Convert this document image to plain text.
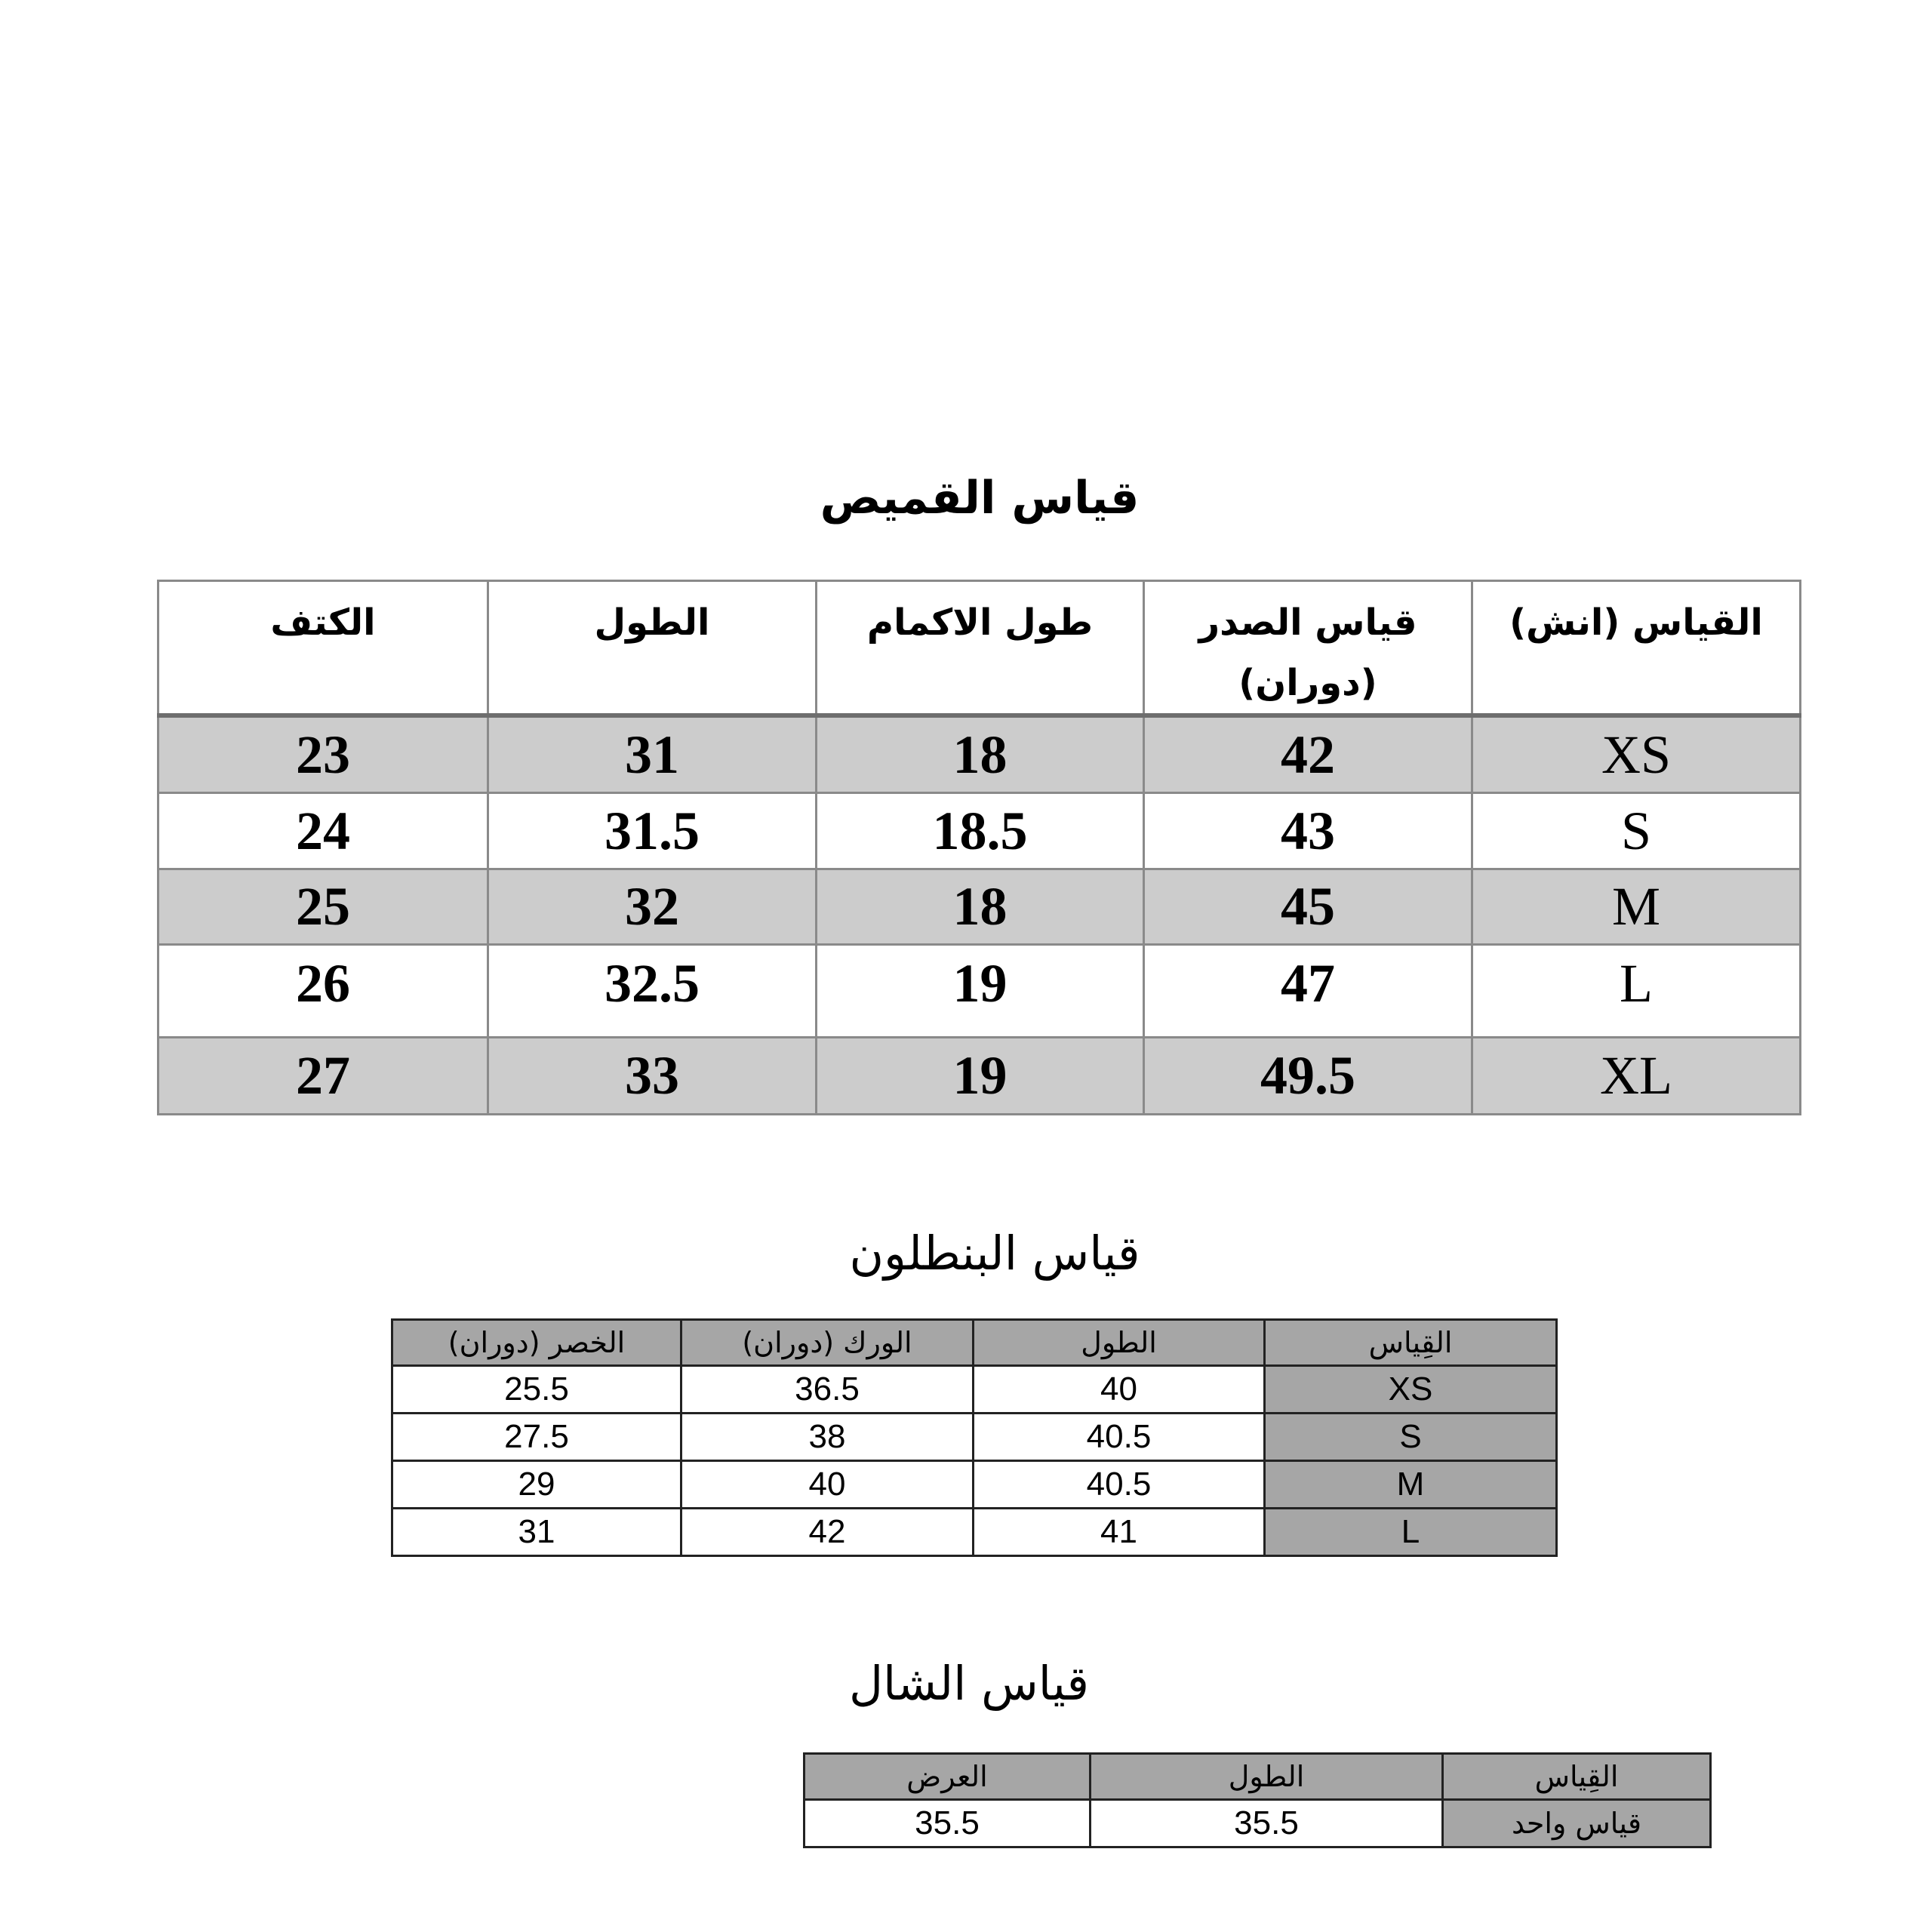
قياس القميص
القياس (انش)	قياس الصدر (دوران)	طول الاكمام	الطول	الكتف
XS	42	18	31	23
S	43	18.5	31.5	24
M	45	18	32	25
L	47	19	32.5	26
XL	49.5	19	33	27
قياس البنطلون
القِياس	الطول	الورك (دوران)	الخصر (دوران)
XS	40	36.5	25.5
S	40.5	38	27.5
M	40.5	40	29
L	41	42	31
قياس الشال
القِياس	الطول	العرض
قياس واحد	35.5	35.5
